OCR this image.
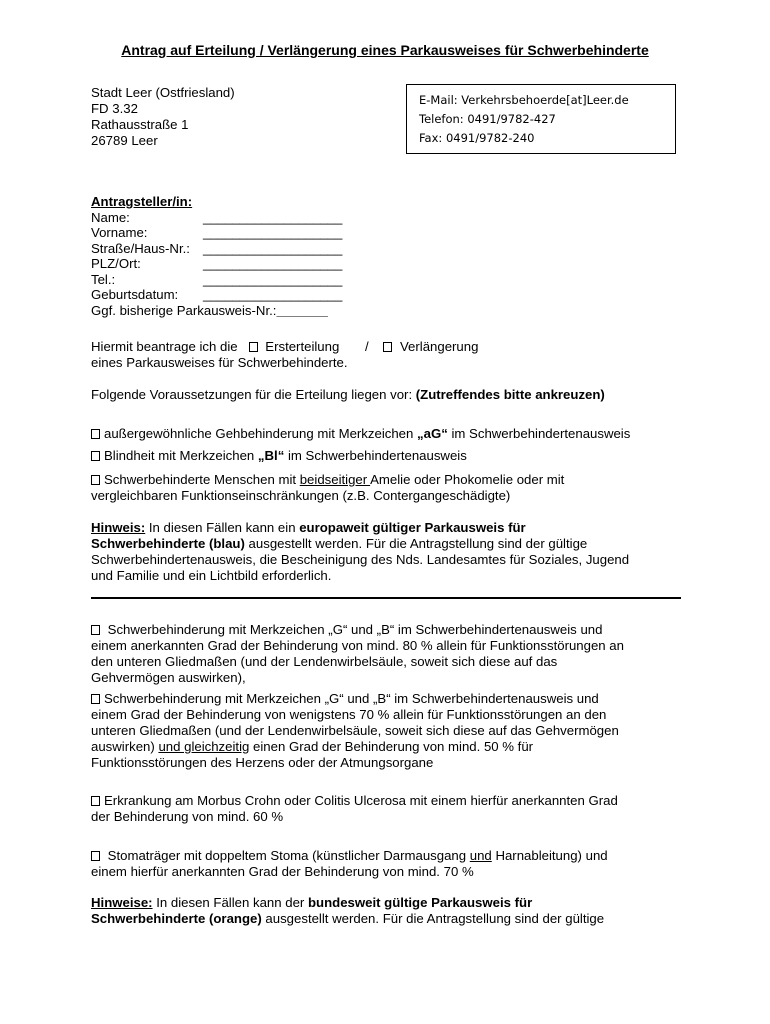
Antrag auf Erteilung / Verlängerung eines Parkausweises für Schwerbehinderte
Stadt Leer (Ostfriesland)
FD 3.32
Rathausstraße 1
26789 Leer
E-Mail: Verkehrsbehoerde[at]Leer.de
Telefon: 0491/9782-427
Fax: 0491/9782-240
Antragsteller/in:
Name:	___________________
Vorname:	___________________
Straße/Haus-Nr.: ___________________
PLZ/Ort:	___________________
Tel.:	___________________
Geburtsdatum:	___________________
Ggf. bisherige Parkausweis-Nr.:_______
Hiermit beantrage ich die Ersterteilung / Verlängerung
eines Parkausweises für Schwerbehinderte.
Folgende Voraussetzungen für die Erteilung liegen vor: (Zutreffendes bitte ankreuzen)
außergewöhnliche Gehbehinderung mit Merkzeichen „aG“ im Schwerbehindertenausweis
Blindheit mit Merkzeichen „Bl“ im Schwerbehindertenausweis
Schwerbehinderte Menschen mit beidseitiger Amelie oder Phokomelie oder mit
vergleichbaren Funktionseinschränkungen (z.B. Contergangeschädigte)
Hinweis: In diesen Fällen kann ein europaweit gültiger Parkausweis für
Schwerbehinderte (blau) ausgestellt werden. Für die Antragstellung sind der gültige
Schwerbehindertenausweis, die Bescheinigung des Nds. Landesamtes für Soziales, Jugend
und Familie und ein Lichtbild erforderlich.
Schwerbehinderung mit Merkzeichen „G“ und „B“ im Schwerbehindertenausweis und
einem anerkannten Grad der Behinderung von mind. 80 % allein für Funktionsstörungen an
den unteren Gliedmaßen (und der Lendenwirbelsäule, soweit sich diese auf das
Gehvermögen auswirken),
Schwerbehinderung mit Merkzeichen „G“ und „B“ im Schwerbehindertenausweis und
einem Grad der Behinderung von wenigstens 70 % allein für Funktionsstörungen an den
unteren Gliedmaßen (und der Lendenwirbelsäule, soweit sich diese auf das Gehvermögen
auswirken) und gleichzeitig einen Grad der Behinderung von mind. 50 % für
Funktionsstörungen des Herzens oder der Atmungsorgane
Erkrankung am Morbus Crohn oder Colitis Ulcerosa mit einem hierfür anerkannten Grad
der Behinderung von mind. 60 %
Stomaträger mit doppeltem Stoma (künstlicher Darmausgang und Harnableitung) und
einem hierfür anerkannten Grad der Behinderung von mind. 70 %
Hinweise: In diesen Fällen kann der bundesweit gültige Parkausweis für
Schwerbehinderte (orange) ausgestellt werden. Für die Antragstellung sind der gültige
